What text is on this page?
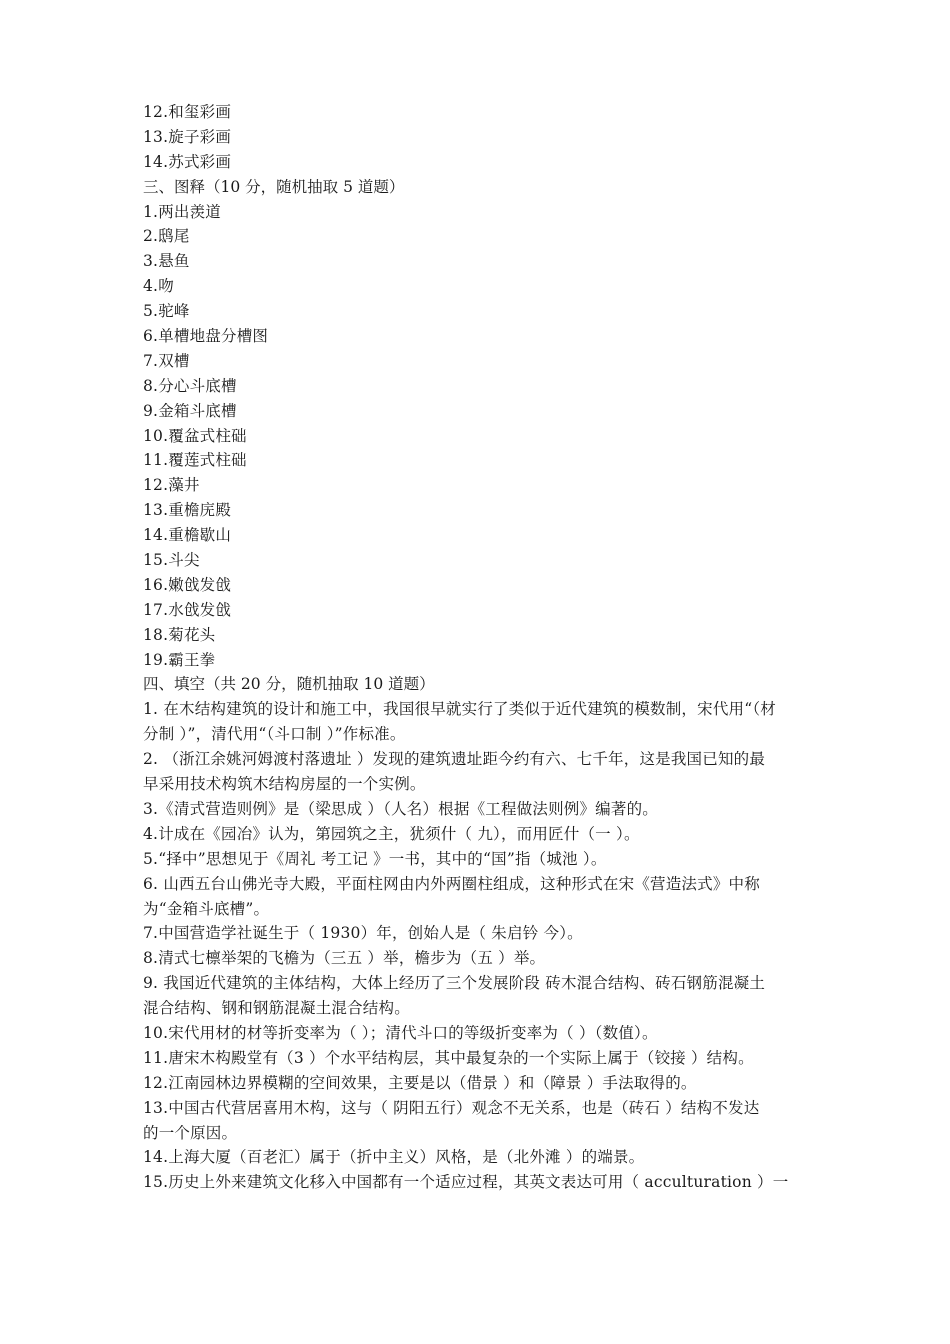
12.和玺彩画
13.旋子彩画
14.苏式彩画
三、图释（10 分，随机抽取 5 道题）
1.两出羡道
2.鸱尾
3.悬鱼
4.吻
5.驼峰
6.单槽地盘分槽图
7.双槽
8.分心斗底槽
9.金箱斗底槽
10.覆盆式柱础
11.覆莲式柱础
12.藻井
13.重檐庑殿
14.重檐歇山
15.斗尖
16.嫩戗发戗
17.水戗发戗
18.菊花头
19.霸王拳
四、填空（共 20 分，随机抽取 10 道题）
1. 在木结构建筑的设计和施工中，我国很早就实行了类似于近代建筑的模数制，宋代用“（材
分制 ）”，清代用“（斗口制 ）”作标准。
2. （浙江余姚河姆渡村落遗址 ）发现的建筑遗址距今约有六、七千年，这是我国已知的最
早采用技术构筑木结构房屋的一个实例。
3.《清式营造则例》是（梁思成 ）（人名）根据《工程做法则例》编著的。
4.计成在《园冶》认为，第园筑之主，犹须什（ 九），而用匠什（一 ）。
5.“择中”思想见于《周礼 考工记 》一书，其中的“国”指（城池 ）。
6. 山西五台山佛光寺大殿，平面柱网由内外两圈柱组成，这种形式在宋《营造法式》中称
为“金箱斗底槽”。
7.中国营造学社诞生于（ 1930）年，创始人是（ 朱启钤 今）。
8.清式七檩举架的飞檐为（三五 ）举，檐步为（五 ）举。
9. 我国近代建筑的主体结构，大体上经历了三个发展阶段 砖木混合结构、砖石钢筋混凝土
混合结构、钢和钢筋混凝土混合结构。
10.宋代用材的材等折变率为（ ）；清代斗口的等级折变率为（ ）（数值）。
11.唐宋木构殿堂有（3 ）个水平结构层，其中最复杂的一个实际上属于（铰接 ）结构。
12.江南园林边界模糊的空间效果，主要是以（借景 ）和（障景 ）手法取得的。
13.中国古代营居喜用木构，这与（ 阴阳五行）观念不无关系，也是（砖石 ）结构不发达
的一个原因。
14.上海大厦（百老汇）属于（折中主义）风格，是（北外滩 ）的端景。
15.历史上外来建筑文化移入中国都有一个适应过程，其英文表达可用（ acculturation ）一
